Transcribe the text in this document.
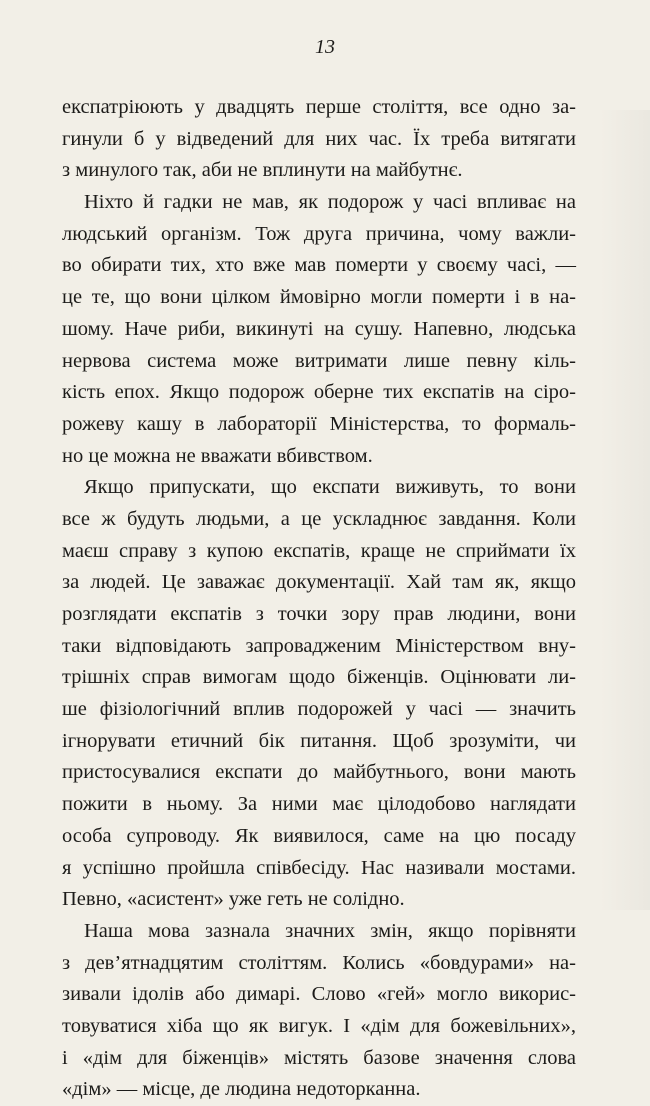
13
експатріюють у двадцять перше століття, все одно за-
гинули б у відведений для них час. Їх треба витягати
з минулого так, аби не вплинути на майбутнє.
Ніхто й гадки не мав, як подорож у часі впливає на
людський організм. Тож друга причина, чому важли-
во обирати тих, хто вже мав померти у своєму часі, —
це те, що вони цілком ймовірно могли померти і в на-
шому. Наче риби, викинуті на сушу. Напевно, людська
нервова система може витримати лише певну кіль-
кість епох. Якщо подорож оберне тих експатів на сіро-
рожеву кашу в лабораторії Міністерства, то формаль-
но це можна не вважати вбивством.
Якщо припускати, що експати виживуть, то вони
все ж будуть людьми, а це ускладнює завдання. Коли
маєш справу з купою експатів, краще не сприймати їх
за людей. Це заважає документації. Хай там як, якщо
розглядати експатів з точки зору прав людини, вони
таки відповідають запровадженим Міністерством вну-
трішніх справ вимогам щодо біженців. Оцінювати ли-
ше фізіологічний вплив подорожей у часі — значить
ігнорувати етичний бік питання. Щоб зрозуміти, чи
пристосувалися експати до майбутнього, вони мають
пожити в ньому. За ними має цілодобово наглядати
особа супроводу. Як виявилося, саме на цю посаду
я успішно пройшла співбесіду. Нас називали мостами.
Певно, «асистент» уже геть не солідно.
Наша мова зазнала значних змін, якщо порівняти
з дев’ятнадцятим століттям. Колись «бовдурами» на-
зивали ідолів або димарі. Слово «гей» могло викорис-
товуватися хіба що як вигук. І «дім для божевільних»,
і «дім для біженців» містять базове значення слова
«дім» — місце, де людина недоторканна.
